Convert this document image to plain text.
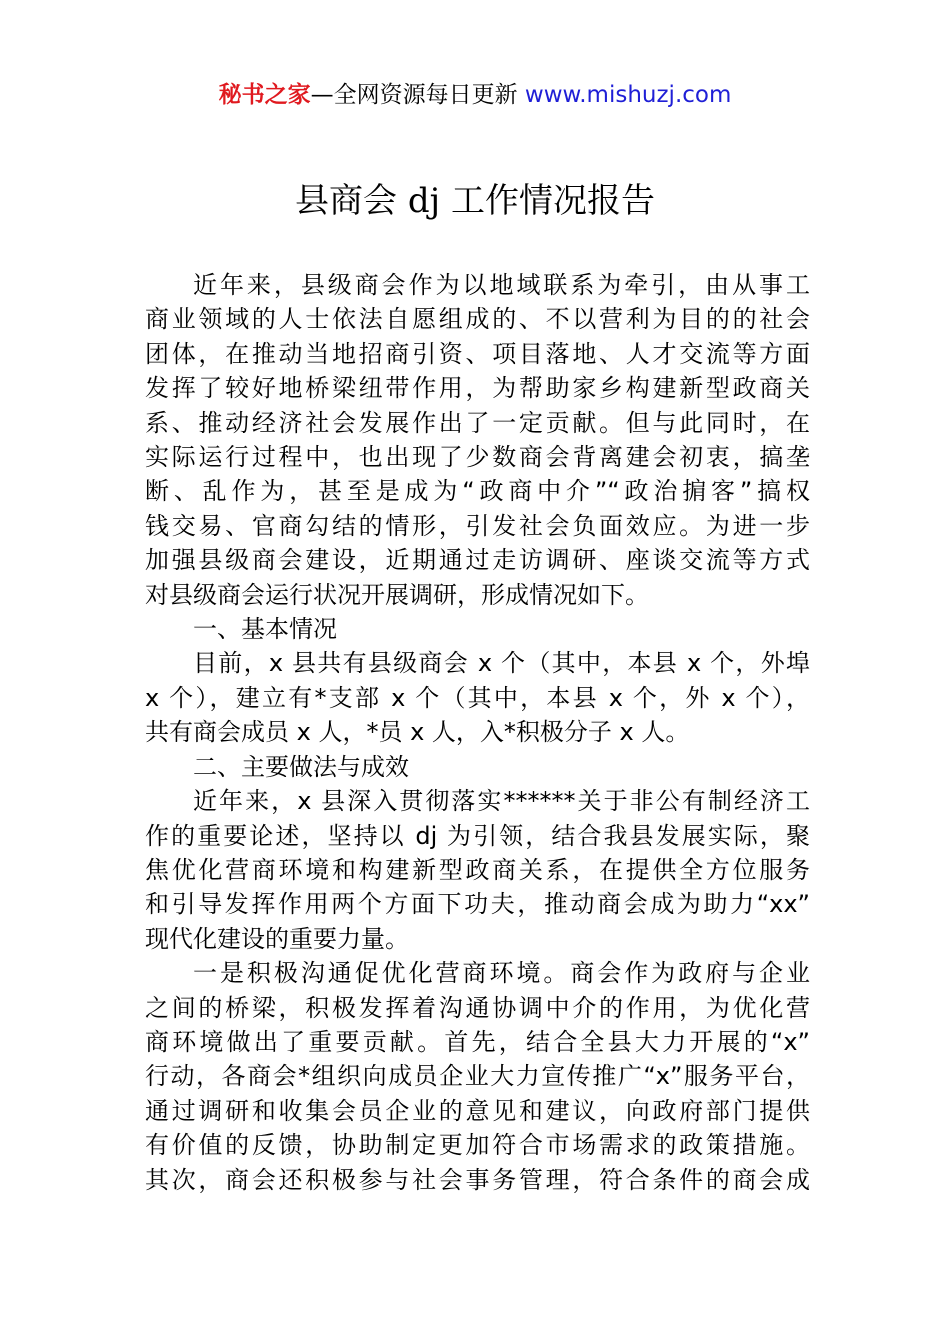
秘书之家—全网资源每日更新 www.mishuzj.com
县商会 dj 工作情况报告

近年来，县级商会作为以地域联系为牵引，由从事工
商业领域的人士依法自愿组成的、不以营利为目的的社会
团体，在推动当地招商引资、项目落地、人才交流等方面
发挥了较好地桥梁纽带作用，为帮助家乡构建新型政商关
系、推动经济社会发展作出了一定贡献。但与此同时，在
实际运行过程中，也出现了少数商会背离建会初衷，搞垄
断、乱作为，甚至是成为“政商中介”“政治掮客”搞权
钱交易、官商勾结的情形，引发社会负面效应。为进一步
加强县级商会建设，近期通过走访调研、座谈交流等方式
对县级商会运行状况开展调研，形成情况如下。

一、基本情况

目前，x 县共有县级商会 x 个（其中，本县 x 个，外埠
x 个），建立有*支部 x 个（其中，本县 x 个，外 x 个），
共有商会成员 x 人，*员 x 人，入*积极分子 x 人。

二、主要做法与成效

近年来，x 县深入贯彻落实******关于非公有制经济工
作的重要论述，坚持以 dj 为引领，结合我县发展实际，聚
焦优化营商环境和构建新型政商关系，在提供全方位服务
和引导发挥作用两个方面下功夫，推动商会成为助力“xx”
现代化建设的重要力量。

一是积极沟通促优化营商环境。商会作为政府与企业
之间的桥梁，积极发挥着沟通协调中介的作用，为优化营
商环境做出了重要贡献。首先，结合全县大力开展的“x”
行动，各商会*组织向成员企业大力宣传推广“x”服务平台，
通过调研和收集会员企业的意见和建议，向政府部门提供
有价值的反馈，协助制定更加符合市场需求的政策措施。
其次，商会还积极参与社会事务管理，符合条件的商会成
